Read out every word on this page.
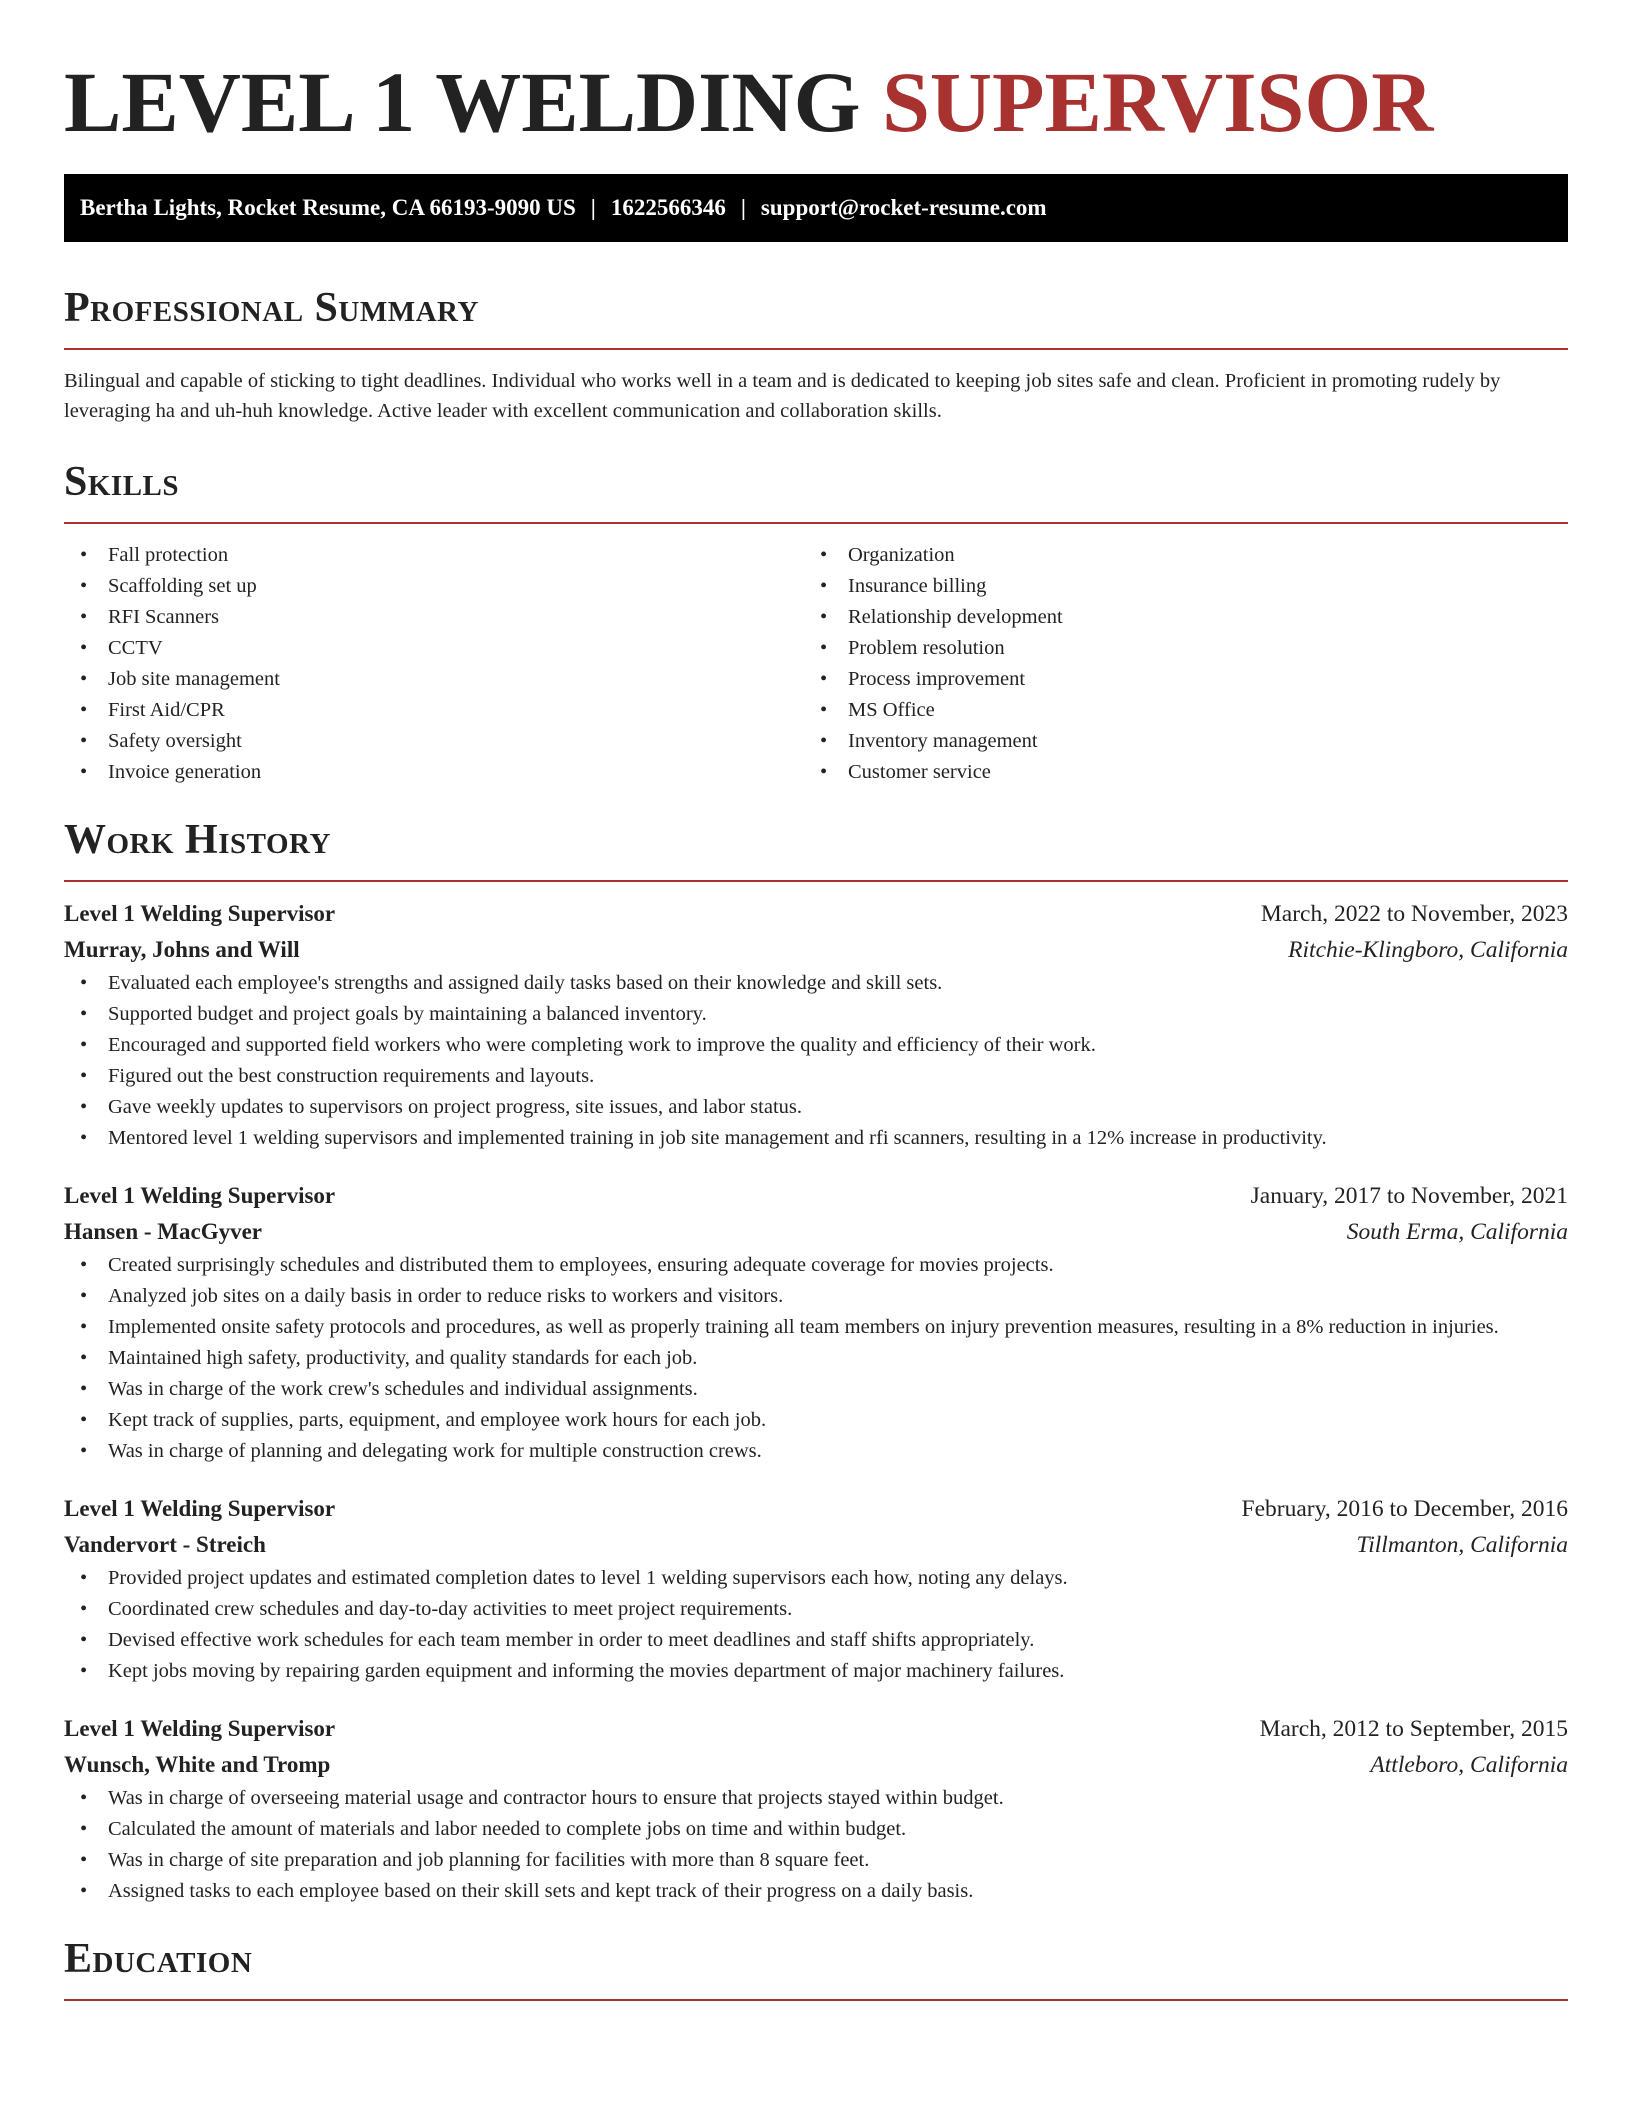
LEVEL 1 WELDING SUPERVISOR
Bertha Lights, Rocket Resume, CA 66193-9090 US | 1622566346 | support@rocket-resume.com
Professional Summary

Bilingual and capable of sticking to tight deadlines. Individual who works well in a team and is dedicated to keeping job sites safe and clean. Proficient in promoting rudely by leveraging ha and uh-huh knowledge. Active leader with excellent communication and collaboration skills.

Skills
• Fall protection
• Scaffolding set up
• RFI Scanners
• CCTV
• Job site management
• First Aid/CPR
• Safety oversight
• Invoice generation
• Organization
• Insurance billing
• Relationship development
• Problem resolution
• Process improvement
• MS Office
• Inventory management
• Customer service
Work History
Level 1 Welding Supervisor	March, 2022 to November, 2023
Murray, Johns and Will	Ritchie-Klingboro, California
• Evaluated each employee's strengths and assigned daily tasks based on their knowledge and skill sets.
• Supported budget and project goals by maintaining a balanced inventory.
• Encouraged and supported field workers who were completing work to improve the quality and efficiency of their work.
• Figured out the best construction requirements and layouts.
• Gave weekly updates to supervisors on project progress, site issues, and labor status.
• Mentored level 1 welding supervisors and implemented training in job site management and rfi scanners, resulting in a 12% increase in productivity.
Level 1 Welding Supervisor	January, 2017 to November, 2021
Hansen - MacGyver	South Erma, California
• Created surprisingly schedules and distributed them to employees, ensuring adequate coverage for movies projects.
• Analyzed job sites on a daily basis in order to reduce risks to workers and visitors.
• Implemented onsite safety protocols and procedures, as well as properly training all team members on injury prevention measures, resulting in a 8% reduction in injuries.
• Maintained high safety, productivity, and quality standards for each job.
• Was in charge of the work crew's schedules and individual assignments.
• Kept track of supplies, parts, equipment, and employee work hours for each job.
• Was in charge of planning and delegating work for multiple construction crews.
Level 1 Welding Supervisor	February, 2016 to December, 2016
Vandervort - Streich	Tillmanton, California
• Provided project updates and estimated completion dates to level 1 welding supervisors each how, noting any delays.
• Coordinated crew schedules and day-to-day activities to meet project requirements.
• Devised effective work schedules for each team member in order to meet deadlines and staff shifts appropriately.
• Kept jobs moving by repairing garden equipment and informing the movies department of major machinery failures.
Level 1 Welding Supervisor	March, 2012 to September, 2015
Wunsch, White and Tromp	Attleboro, California
• Was in charge of overseeing material usage and contractor hours to ensure that projects stayed within budget.
• Calculated the amount of materials and labor needed to complete jobs on time and within budget.
• Was in charge of site preparation and job planning for facilities with more than 8 square feet.
• Assigned tasks to each employee based on their skill sets and kept track of their progress on a daily basis.
Education
